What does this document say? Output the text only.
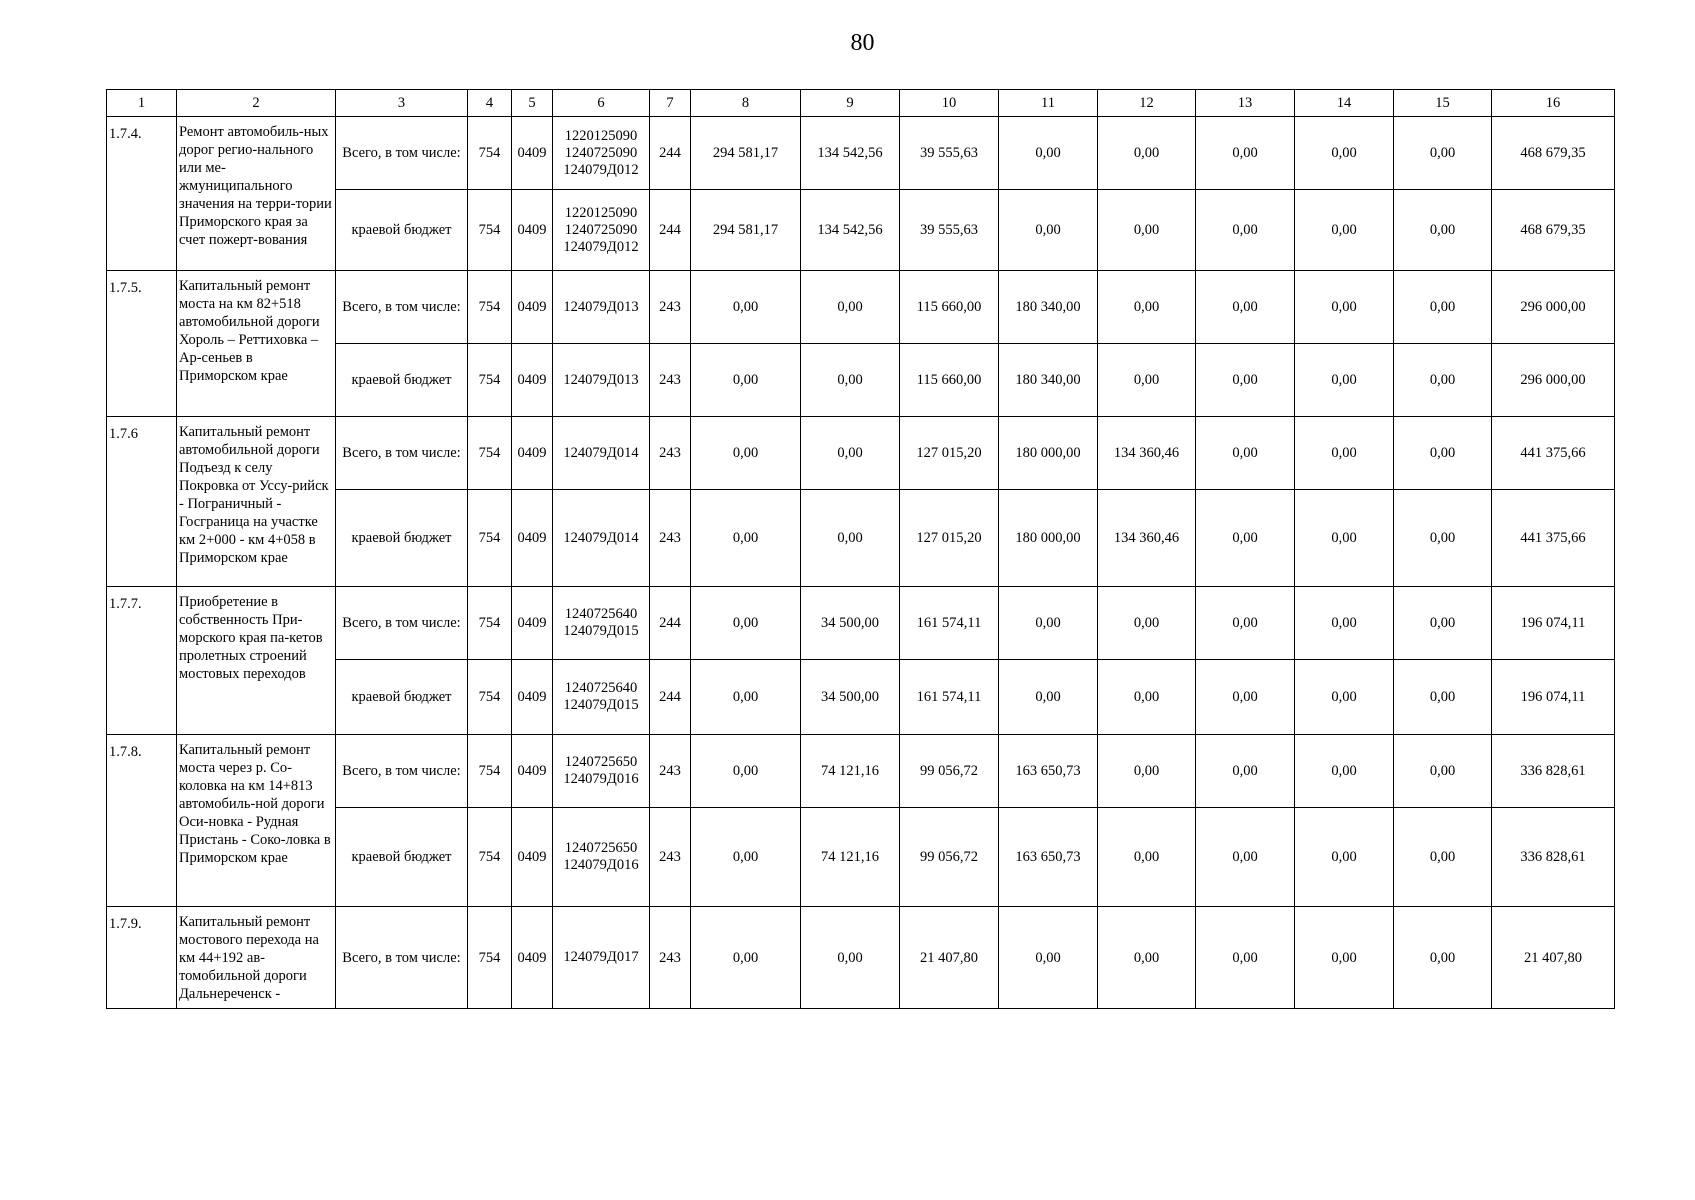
80
1	2	3	4	5	6	7	8	9	10	11	12	13	14	15	16
1.7.4.	Ремонт автомобиль-ных дорог регио-нального или ме-жмуниципального значения на терри-тории Приморского края за счет пожерт-вования	Всего, в том числе:	754	0409	1220125090
1240725090
124079Д012	244	294 581,17	134 542,56	39 555,63	0,00	0,00	0,00	0,00	0,00	468 679,35
		краевой бюджет	754	0409	1220125090
1240725090
124079Д012	244	294 581,17	134 542,56	39 555,63	0,00	0,00	0,00	0,00	0,00	468 679,35
1.7.5.	Капитальный ремонт моста на км 82+518 автомобильной дороги Хороль – Реттиховка – Ар-сеньев в Приморском крае	Всего, в том числе:	754	0409	124079Д013	243	0,00	0,00	115 660,00	180 340,00	0,00	0,00	0,00	0,00	296 000,00
		краевой бюджет	754	0409	124079Д013	243	0,00	0,00	115 660,00	180 340,00	0,00	0,00	0,00	0,00	296 000,00
1.7.6	Капитальный ремонт автомобильной дороги Подъезд к селу Покровка от Уссу-рийск - Пограничный - Госграница на участке км 2+000 - км 4+058 в Приморском крае	Всего, в том числе:	754	0409	124079Д014	243	0,00	0,00	127 015,20	180 000,00	134 360,46	0,00	0,00	0,00	441 375,66
		краевой бюджет	754	0409	124079Д014	243	0,00	0,00	127 015,20	180 000,00	134 360,46	0,00	0,00	0,00	441 375,66
1.7.7.	Приобретение в собственность При-морского края па-кетов пролетных строений мостовых переходов	Всего, в том числе:	754	0409	1240725640
124079Д015	244	0,00	34 500,00	161 574,11	0,00	0,00	0,00	0,00	0,00	196 074,11
		краевой бюджет	754	0409	1240725640
124079Д015	244	0,00	34 500,00	161 574,11	0,00	0,00	0,00	0,00	0,00	196 074,11
1.7.8.	Капитальный ремонт моста через р. Со-коловка на км 14+813 автомобиль-ной дороги Оси-новка - Рудная Пристань - Соко-ловка в Приморском крае	Всего, в том числе:	754	0409	1240725650
124079Д016	243	0,00	74 121,16	99 056,72	163 650,73	0,00	0,00	0,00	0,00	336 828,61
		краевой бюджет	754	0409	1240725650
124079Д016	243	0,00	74 121,16	99 056,72	163 650,73	0,00	0,00	0,00	0,00	336 828,61
1.7.9.	Капитальный ремонт мостового перехода на км 44+192 ав-томобильной дороги Дальнереченск -	Всего, в том числе:	754	0409	124079Д017	243	0,00	0,00	21 407,80	0,00	0,00	0,00	0,00	0,00	21 407,80
